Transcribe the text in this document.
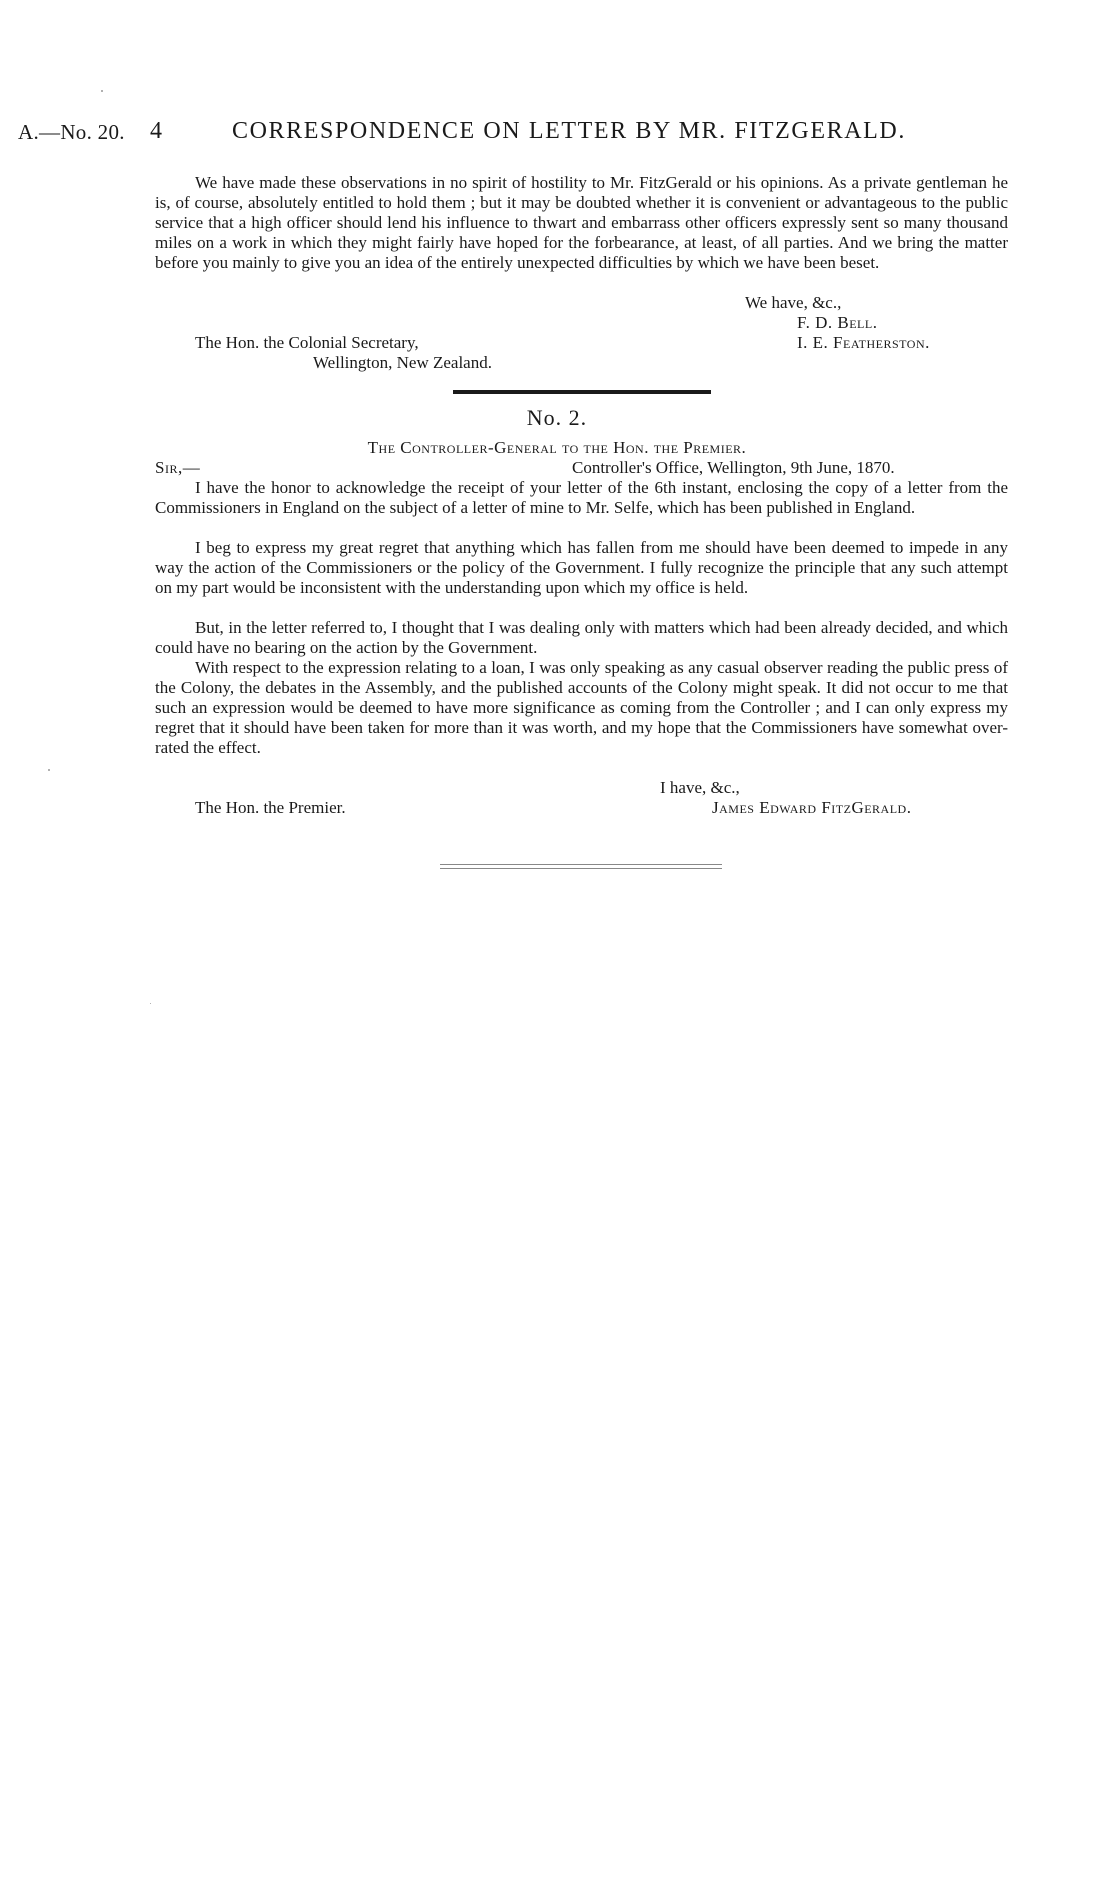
A.—No. 20. 4	CORRESPONDENCE ON LETTER BY MR. FITZGERALD.

We have made these observations in no spirit of hostility to Mr. FitzGerald or his opinions. As a private gentleman he is, of course, absolutely entitled to hold them ; but it may be doubted whether it is convenient or advantageous to the public service that a high officer should lend his influence to thwart and embarrass other officers expressly sent so many thousand miles on a work in which they might fairly have hoped for the forbearance, at least, of all parties. And we bring the matter before you mainly to give you an idea of the entirely unexpected difficulties by which we have been beset.

We have, &c.,
F. D. Bell.
I. E. Featherston.
The Hon. the Colonial Secretary,
Wellington, New Zealand.
No. 2.
The Controller-General to the Hon. the Premier.
Sir,—	Controller's Office, Wellington, 9th June, 1870.

I have the honor to acknowledge the receipt of your letter of the 6th instant, enclosing the copy of a letter from the Commissioners in England on the subject of a letter of mine to Mr. Selfe, which has been published in England.

I beg to express my great regret that anything which has fallen from me should have been deemed to impede in any way the action of the Commissioners or the policy of the Government. I fully recognize the principle that any such attempt on my part would be inconsistent with the understanding upon which my office is held.

But, in the letter referred to, I thought that I was dealing only with matters which had been already decided, and which could have no bearing on the action by the Government.

With respect to the expression relating to a loan, I was only speaking as any casual observer reading the public press of the Colony, the debates in the Assembly, and the published accounts of the Colony might speak. It did not occur to me that such an expression would be deemed to have more significance as coming from the Controller ; and I can only express my regret that it should have been taken for more than it was worth, and my hope that the Commissioners have somewhat over-rated the effect.

I have, &c.,
James Edward FitzGerald.
The Hon. the Premier.
